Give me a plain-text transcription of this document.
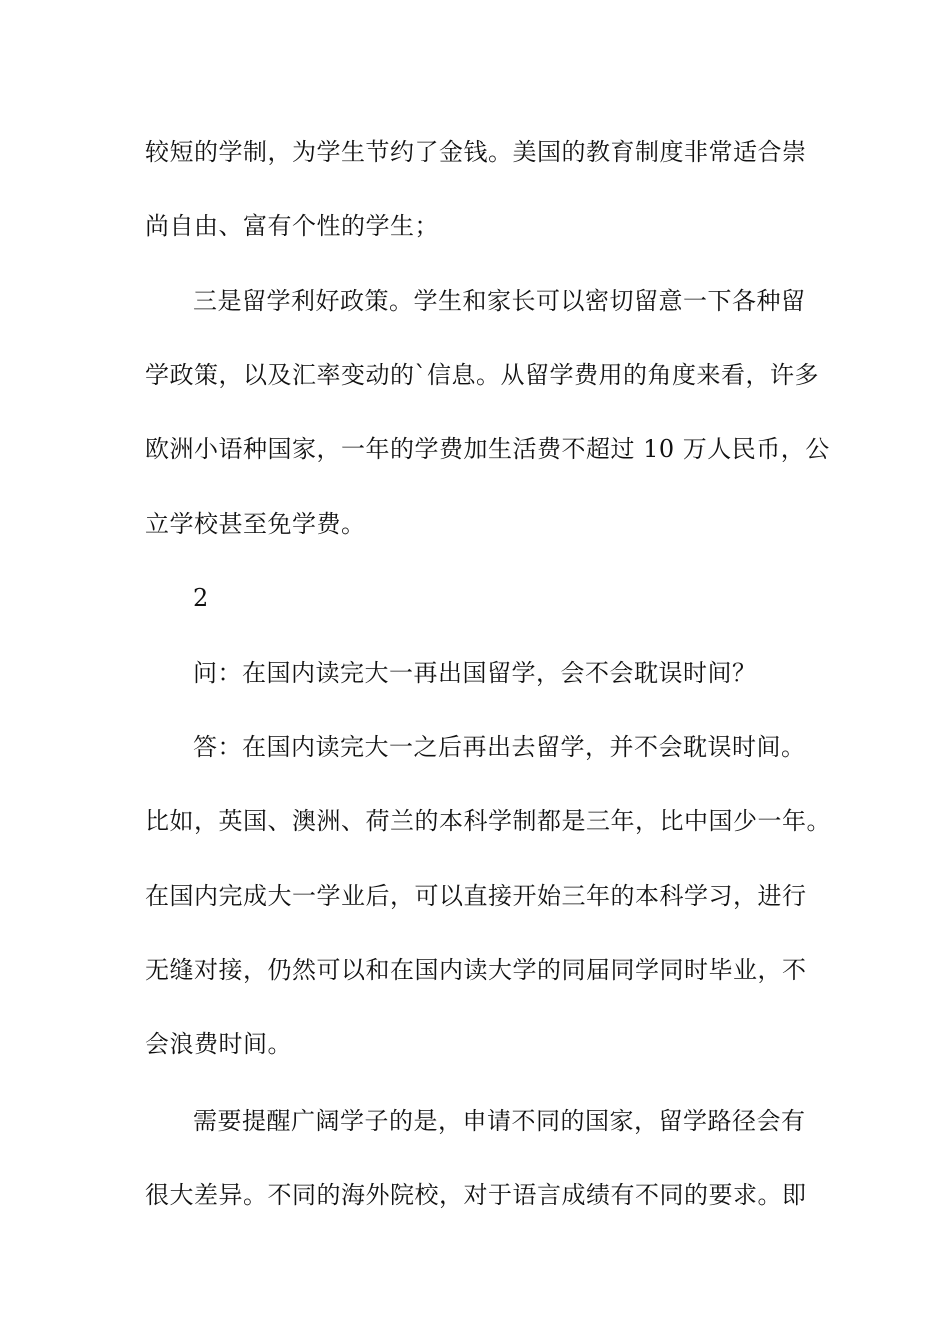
较短的学制，为学生节约了金钱。美国的教育制度非常适合崇
尚自由、富有个性的学生；
三是留学利好政策。学生和家长可以密切留意一下各种留
学政策，以及汇率变动的`信息。从留学费用的角度来看，许多
欧洲小语种国家，一年的学费加生活费不超过 10 万人民币，公
立学校甚至免学费。
2
问：在国内读完大一再出国留学，会不会耽误时间？
答：在国内读完大一之后再出去留学，并不会耽误时间。
比如，英国、澳洲、荷兰的本科学制都是三年，比中国少一年。
在国内完成大一学业后，可以直接开始三年的本科学习，进行
无缝对接，仍然可以和在国内读大学的同届同学同时毕业，不
会浪费时间。
需要提醒广阔学子的是，申请不同的国家，留学路径会有
很大差异。不同的海外院校，对于语言成绩有不同的要求。即
